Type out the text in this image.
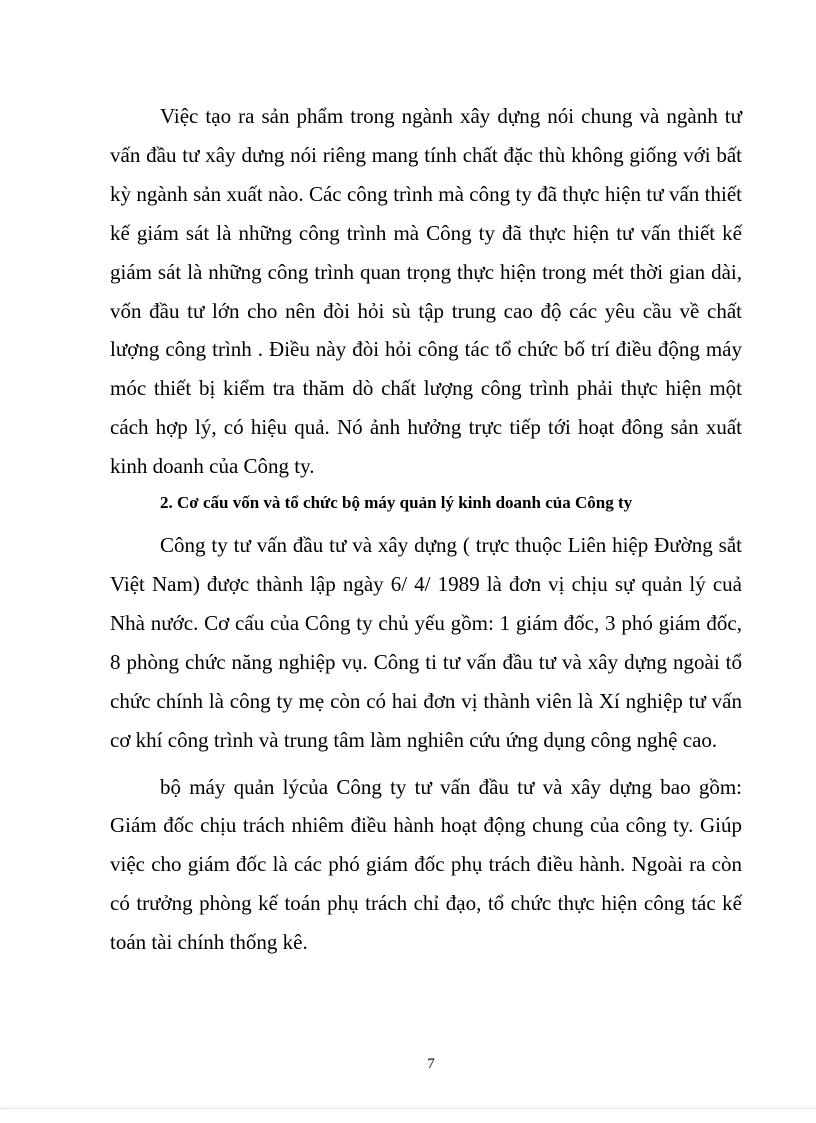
Việc tạo ra sản phẩm trong ngành xây dựng nói chung và ngành tư vấn đầu tư xây dưng nói riêng mang tính chất đặc thù không giống với bất kỳ ngành sản xuất nào. Các công trình mà công ty đã thực hiện tư vấn thiết kế giám sát là những công trình mà Công ty đã thực hiện tư vấn thiết kế giám sát là những công trình quan trọng thực hiện trong mét thời gian dài, vốn đầu tư lớn cho nên đòi hỏi sù tập trung cao độ các yêu cầu về chất lượng công trình . Điều này đòi hỏi công tác tổ chức bố trí điều động máy móc thiết bị kiểm tra thăm dò chất lượng công trình phải thực hiện một cách hợp lý, có hiệu quả. Nó ảnh hưởng trực tiếp tới hoạt đông sản xuất kinh doanh của Công ty.

2. Cơ cấu vốn và tổ chức bộ máy quản lý kinh doanh của Công ty

Công ty tư vấn đầu tư và xây dựng ( trực thuộc Liên hiệp Đường sắt Việt Nam) được thành lập ngày 6/ 4/ 1989 là đơn vị chịu sự quản lý cuả Nhà nước. Cơ cấu của Công ty chủ yếu gồm: 1 giám đốc, 3 phó giám đốc, 8 phòng chức năng nghiệp vụ. Công ti tư vấn đầu tư và xây dựng ngoài tổ chức chính là công ty mẹ còn có hai đơn vị thành viên là Xí nghiệp tư vấn cơ khí công trình và trung tâm làm nghiên cứu ứng dụng công nghệ cao.

bộ máy quản lýcủa Công ty tư vấn đầu tư và xây dựng bao gồm: Giám đốc chịu trách nhiêm điều hành hoạt động chung của công ty. Giúp việc cho giám đốc là các phó giám đốc phụ trách điều hành. Ngoài ra còn có trưởng phòng kế toán phụ trách chỉ đạo, tổ chức thực hiện công tác kế toán tài chính thống kê.

7
